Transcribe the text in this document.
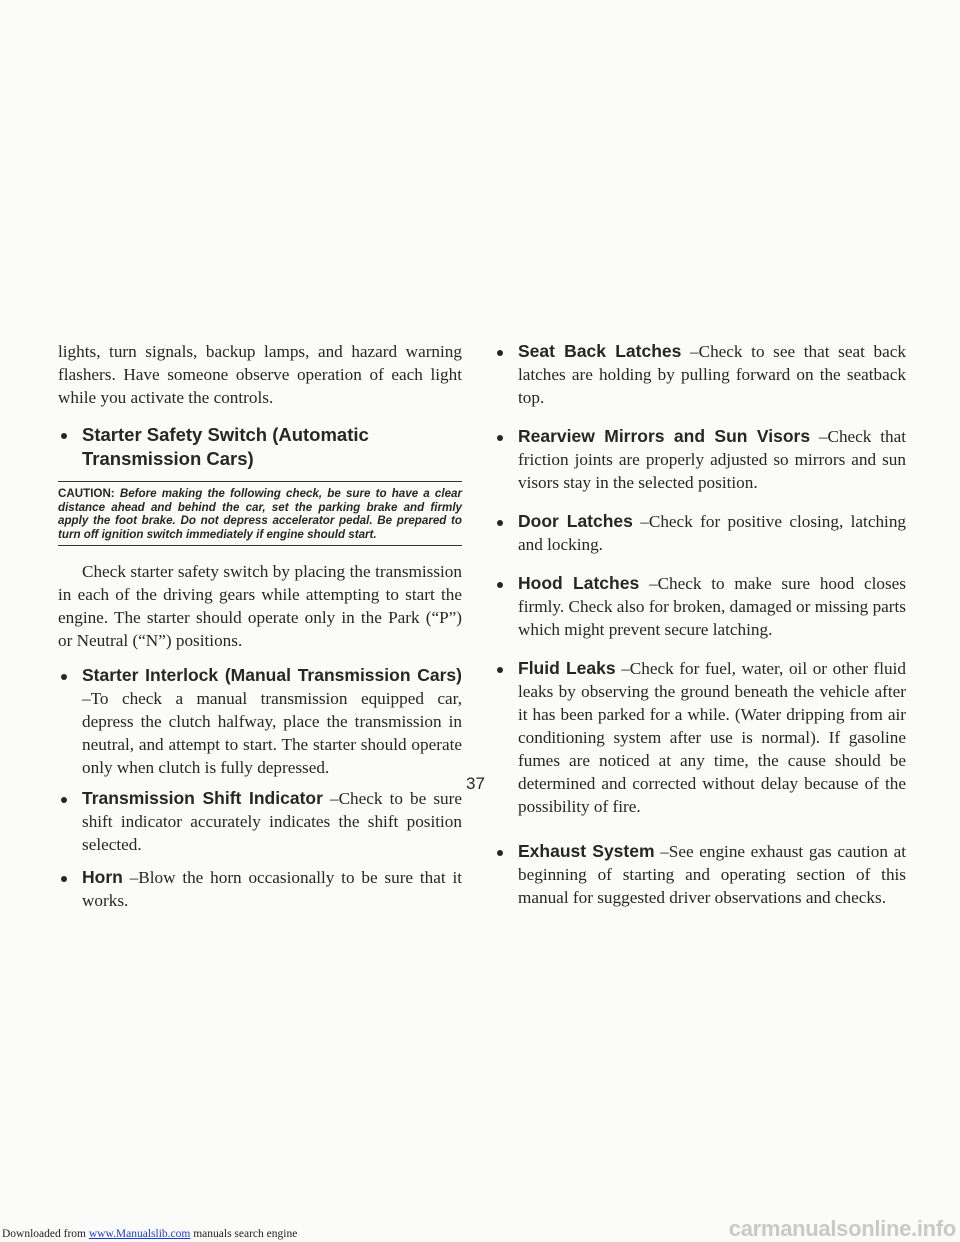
lights, turn signals, backup lamps, and hazard warning flashers. Have someone observe operation of each light while you activate the controls.

Starter Safety Switch (Automatic Transmission Cars)
CAUTION: Before making the following check, be sure to have a clear distance ahead and behind the car, set the parking brake and firmly apply the foot brake. Do not depress accelerator pedal. Be prepared to turn off ignition switch immediately if engine should start.

Check starter safety switch by placing the transmission in each of the driving gears while attempting to start the engine. The starter should operate only in the Park (“P”) or Neutral (“N”) positions.

Starter Interlock (Manual Transmission Cars) –To check a manual transmission equipped car, depress the clutch halfway, place the transmission in neutral, and attempt to start. The starter should operate only when clutch is fully depressed.
Transmission Shift Indicator –Check to be sure shift indicator accurately indicates the shift position selected.
Horn –Blow the horn occasionally to be sure that it works.
Seat Back Latches –Check to see that seat back latches are holding by pulling forward on the seatback top.
Rearview Mirrors and Sun Visors –Check that friction joints are properly adjusted so mirrors and sun visors stay in the selected position.
Door Latches –Check for positive closing, latching and locking.
Hood Latches –Check to make sure hood closes firmly. Check also for broken, damaged or missing parts which might prevent secure latching.
Fluid Leaks –Check for fuel, water, oil or other fluid leaks by observing the ground beneath the vehicle after it has been parked for a while. (Water dripping from air conditioning system after use is normal). If gasoline fumes are noticed at any time, the cause should be determined and corrected without delay because of the possibility of fire.
Exhaust System –See engine exhaust gas caution at beginning of starting and operating section of this manual for suggested driver observations and checks.
37
Downloaded from www.Manualslib.com manuals search engine	carmanualsonline.info
